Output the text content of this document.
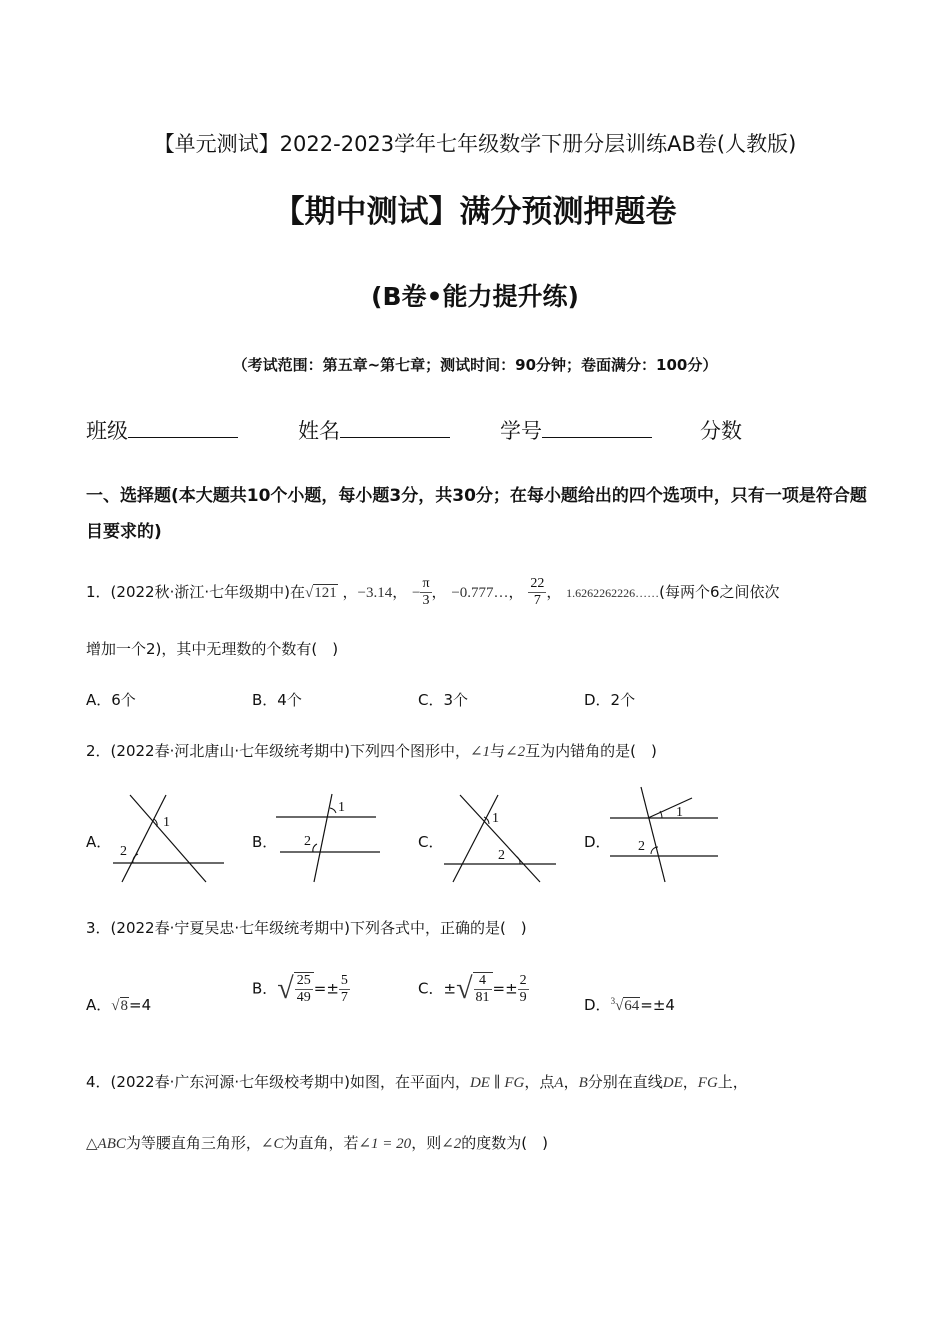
【单元测试】2022-2023学年七年级数学下册分层训练AB卷(人教版)
【期中测试】满分预测押题卷
(B卷•能力提升练)
（考试范围：第五章~第七章；测试时间：90分钟；卷面满分：100分）
班级	姓名	学号	分数
一、选择题(本大题共10个小题，每小题3分，共30分；在每小题给出的四个选项中，只有一项是符合题目要求的)
1．(2022秋·浙江·七年级期中)在√121 ，−3.14， − $\frac{\pi}{3}$ ， −0.777…， $\frac{22}{7}$ ， 1.6262262226……(每两个6之间依次
增加一个2)，其中无理数的个数有(　)
A．6个	B．4个	C．3个	D．2个
2．(2022春·河北唐山·七年级统考期中)下列四个图形中，∠1与∠2互为内错角的是(　)
A．
1
2
B．
1
2	C．
1
2
D．
1
2
3．(2022春·宁夏吴忠·七年级统考期中)下列各式中，正确的是(　)
A．√8=4
B．√ $\frac{25}{49} =\pm \frac{5}{7}$	C．±√ $\frac{4}{81} =\pm \frac{2}{9}$	D．$^3$√64=±4
4．(2022春·广东河源·七年级校考期中)如图，在平面内，DE ∥ FG，点A，B分别在直线DE，FG上，
△ABC为等腰直角三角形，∠C为直角，若∠1 = 20，则∠2的度数为(　)
